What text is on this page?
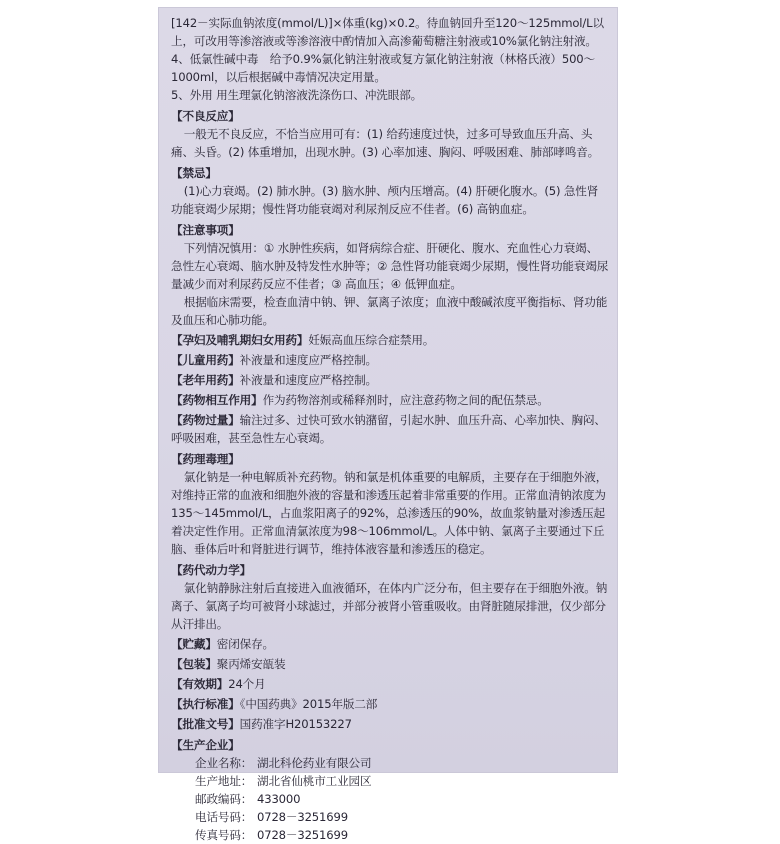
[142－实际血钠浓度(mmol/L)]×体重(kg)×0.2。待血钠回升至120～125mmol/L以上，可改用等渗溶液或等渗溶液中酌情加入高渗葡萄糖注射液或10%氯化钠注射液。

4、低氯性碱中毒　给予0.9%氯化钠注射液或复方氯化钠注射液（林格氏液）500～1000ml，以后根据碱中毒情况决定用量。

5、外用 用生理氯化钠溶液洗涤伤口、冲洗眼部。

【不良反应】

一般无不良反应，不恰当应用可有：(1) 给药速度过快，过多可导致血压升高、头痛、头昏。(2) 体重增加，出现水肿。(3) 心率加速、胸闷、呼吸困难、肺部哮鸣音。

【禁忌】

(1)心力衰竭。(2) 肺水肿。(3) 脑水肿、颅内压增高。(4) 肝硬化腹水。(5) 急性肾功能衰竭少尿期；慢性肾功能衰竭对利尿剂反应不佳者。(6) 高钠血症。

【注意事项】

下列情况慎用：① 水肿性疾病，如肾病综合症、肝硬化、腹水、充血性心力衰竭、急性左心衰竭、脑水肿及特发性水肿等；② 急性肾功能衰竭少尿期，慢性肾功能衰竭尿量减少而对利尿药反应不佳者；③ 高血压；④ 低钾血症。

根据临床需要，检查血清中钠、钾、氯离子浓度；血液中酸碱浓度平衡指标、肾功能及血压和心肺功能。

【孕妇及哺乳期妇女用药】妊娠高血压综合症禁用。

【儿童用药】补液量和速度应严格控制。

【老年用药】补液量和速度应严格控制。

【药物相互作用】作为药物溶剂或稀释剂时，应注意药物之间的配伍禁忌。

【药物过量】输注过多、过快可致水钠潴留，引起水肿、血压升高、心率加快、胸闷、呼吸困难，甚至急性左心衰竭。

【药理毒理】

氯化钠是一种电解质补充药物。钠和氯是机体重要的电解质，主要存在于细胞外液，对维持正常的血液和细胞外液的容量和渗透压起着非常重要的作用。正常血清钠浓度为135～145mmol/L，占血浆阳离子的92%，总渗透压的90%，故血浆钠量对渗透压起着决定性作用。正常血清氯浓度为98～106mmol/L。人体中钠、氯离子主要通过下丘脑、垂体后叶和肾脏进行调节，维持体液容量和渗透压的稳定。

【药代动力学】

氯化钠静脉注射后直接进入血液循环，在体内广泛分布，但主要存在于细胞外液。钠离子、氯离子均可被肾小球滤过，并部分被肾小管重吸收。由肾脏随尿排泄，仅少部分从汗排出。

【贮藏】密闭保存。

【包装】聚丙烯安瓿装

【有效期】24个月

【执行标准】《中国药典》2015年版二部

【批准文号】国药准字H20153227

【生产企业】

企业名称： 湖北科伦药业有限公司

生产地址： 湖北省仙桃市工业园区

邮政编码： 433000

电话号码： 0728－3251699

传真号码： 0728－3251699
